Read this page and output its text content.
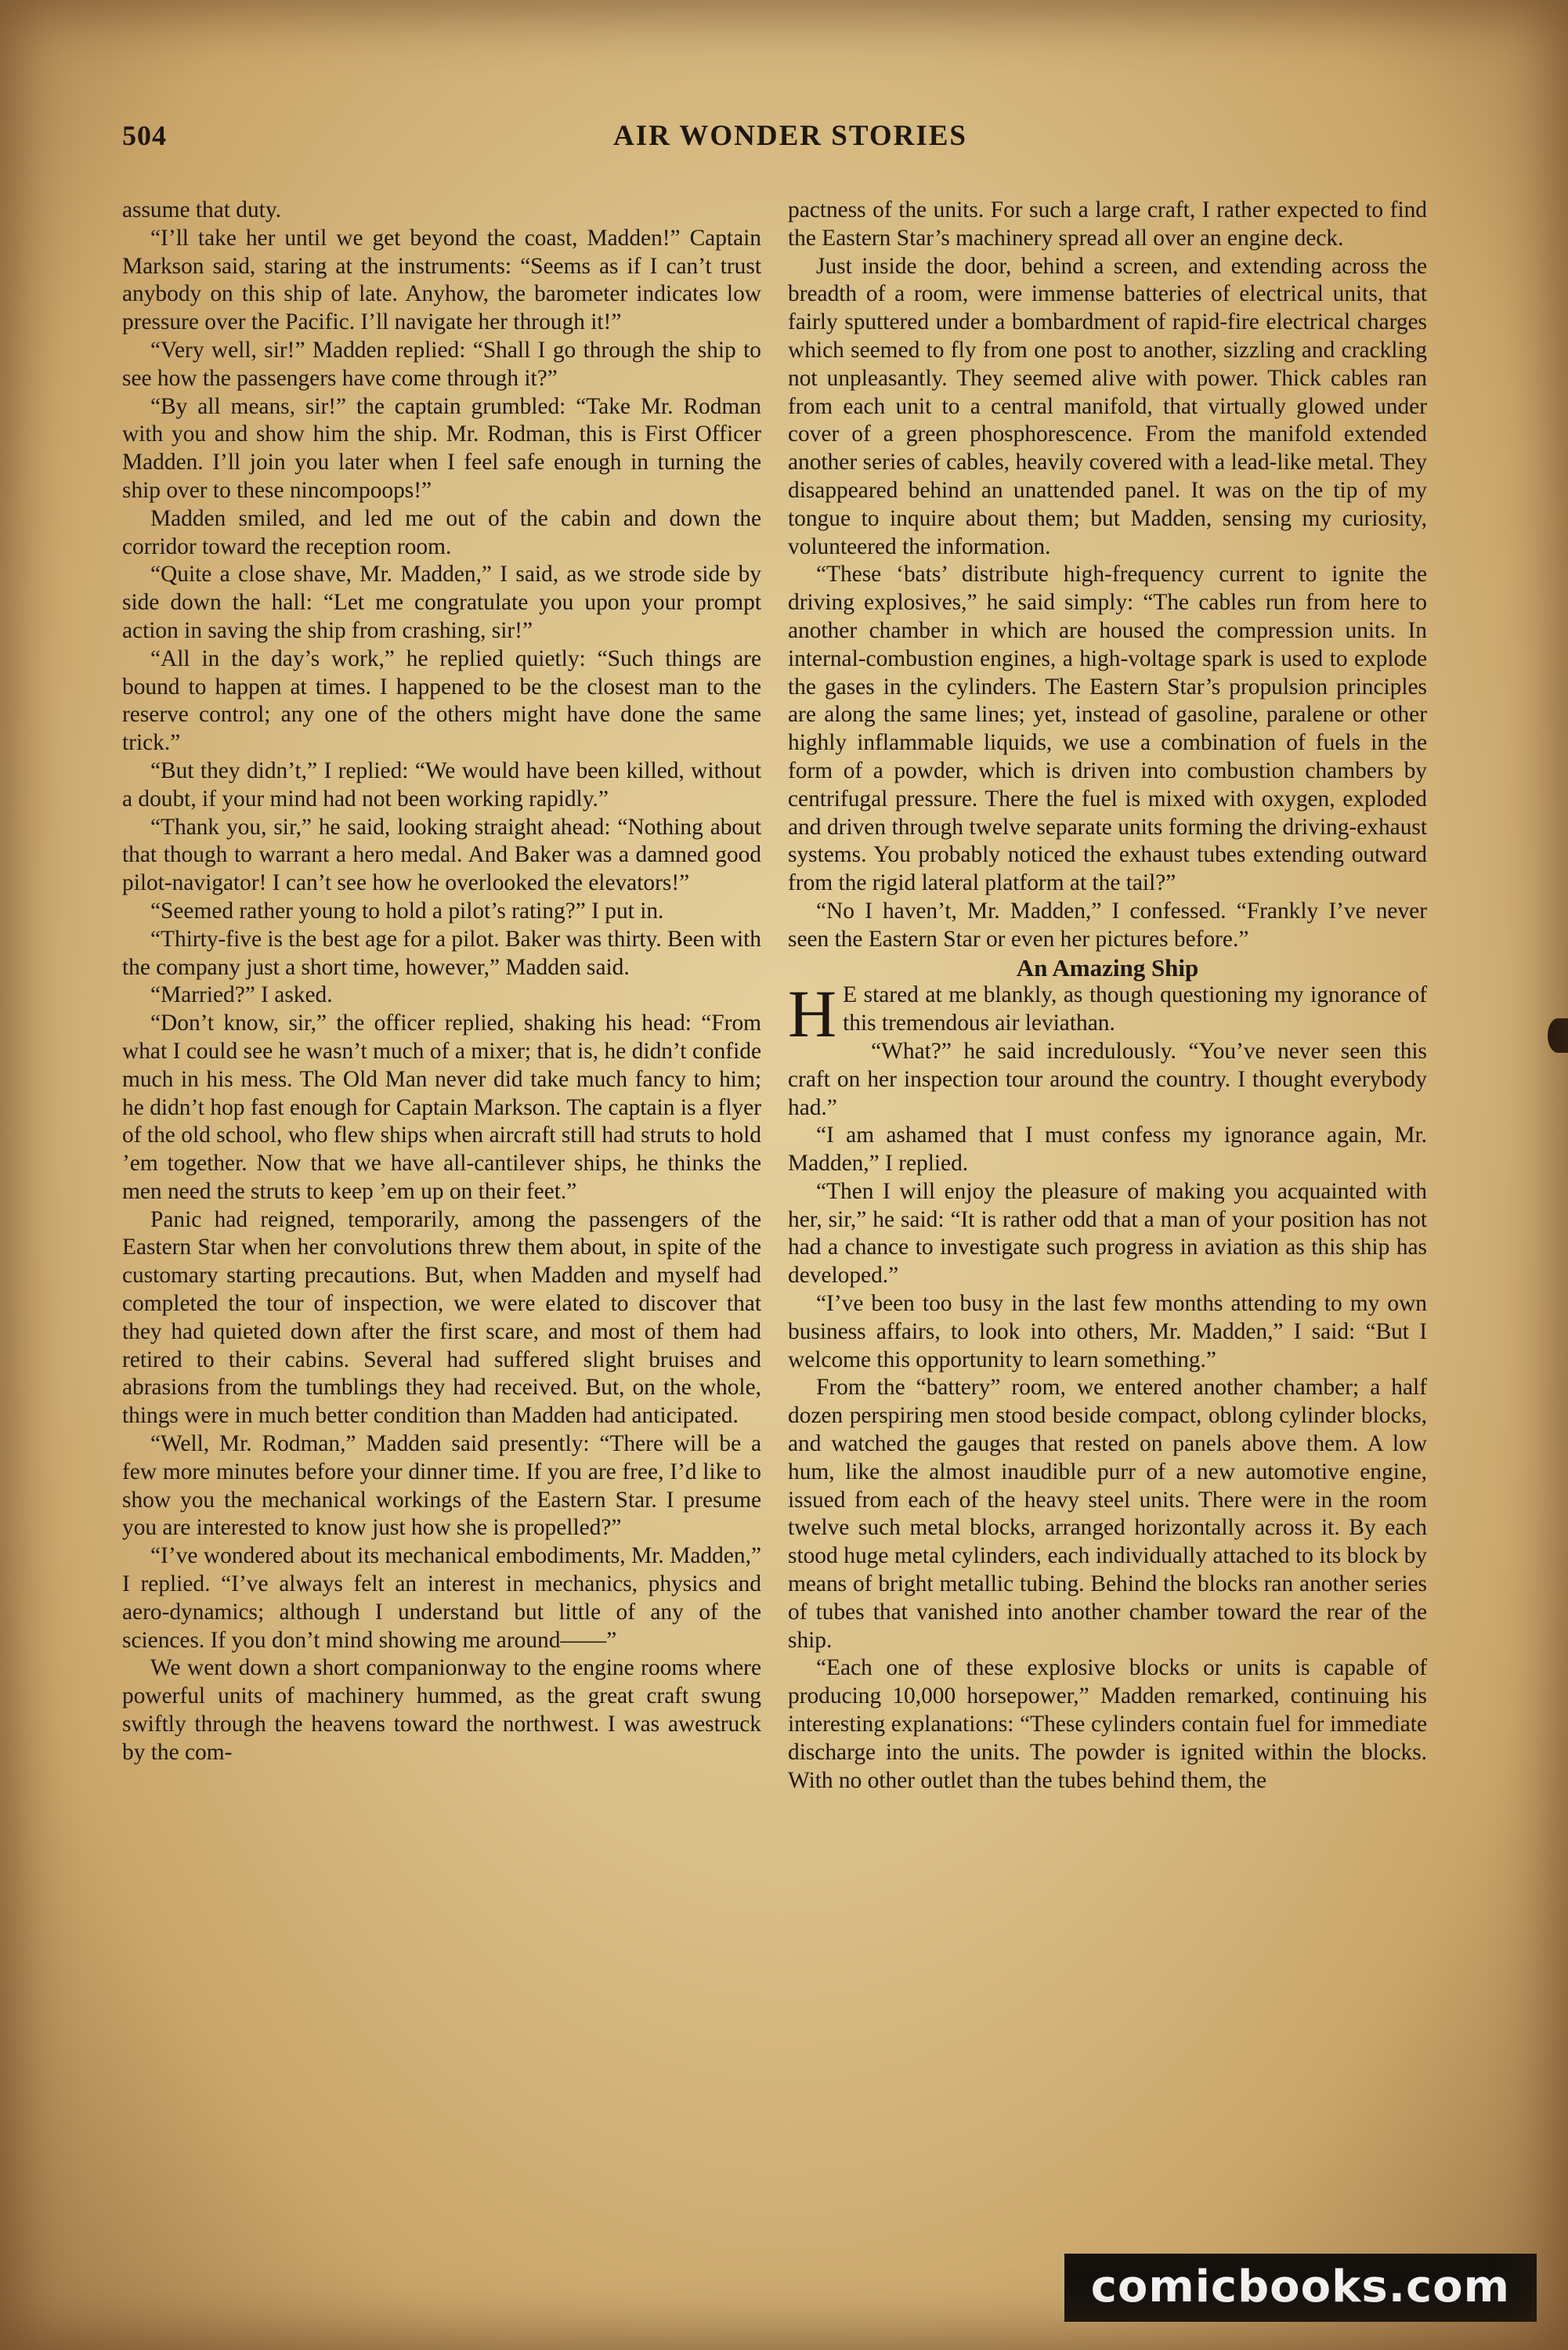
504	AIR WONDER STORIES

assume that duty.

“I’ll take her until we get beyond the coast, Madden!” Captain Markson said, staring at the instruments: “Seems as if I can’t trust anybody on this ship of late. Anyhow, the barometer indicates low pressure over the Pacific. I’ll navigate her through it!”

“Very well, sir!” Madden replied: “Shall I go through the ship to see how the passengers have come through it?”

“By all means, sir!” the captain grumbled: “Take Mr. Rodman with you and show him the ship. Mr. Rodman, this is First Officer Madden. I’ll join you later when I feel safe enough in turning the ship over to these nincompoops!”

Madden smiled, and led me out of the cabin and down the corridor toward the reception room.

“Quite a close shave, Mr. Madden,” I said, as we strode side by side down the hall: “Let me congratulate you upon your prompt action in saving the ship from crashing, sir!”

“All in the day’s work,” he replied quietly: “Such things are bound to happen at times. I happened to be the closest man to the reserve control; any one of the others might have done the same trick.”

“But they didn’t,” I replied: “We would have been killed, without a doubt, if your mind had not been working rapidly.”

“Thank you, sir,” he said, looking straight ahead: “Nothing about that though to warrant a hero medal. And Baker was a damned good pilot-navigator! I can’t see how he overlooked the elevators!”

“Seemed rather young to hold a pilot’s rating?” I put in.

“Thirty-five is the best age for a pilot. Baker was thirty. Been with the company just a short time, however,” Madden said.

“Married?” I asked.

“Don’t know, sir,” the officer replied, shaking his head: “From what I could see he wasn’t much of a mixer; that is, he didn’t confide much in his mess. The Old Man never did take much fancy to him; he didn’t hop fast enough for Captain Markson. The captain is a flyer of the old school, who flew ships when aircraft still had struts to hold ’em together. Now that we have all-cantilever ships, he thinks the men need the struts to keep ’em up on their feet.”

Panic had reigned, temporarily, among the passengers of the Eastern Star when her convolutions threw them about, in spite of the customary starting precautions. But, when Madden and myself had completed the tour of inspection, we were elated to discover that they had quieted down after the first scare, and most of them had retired to their cabins. Several had suffered slight bruises and abrasions from the tumblings they had received. But, on the whole, things were in much better condition than Madden had anticipated.

“Well, Mr. Rodman,” Madden said presently: “There will be a few more minutes before your dinner time. If you are free, I’d like to show you the mechanical workings of the Eastern Star. I presume you are interested to know just how she is propelled?”

“I’ve wondered about its mechanical embodiments, Mr. Madden,” I replied. “I’ve always felt an interest in mechanics, physics and aero-dynamics; although I understand but little of any of the sciences. If you don’t mind showing me around——”

We went down a short companionway to the engine rooms where powerful units of machinery hummed, as the great craft swung swiftly through the heavens toward the northwest. I was awestruck by the com-

pactness of the units. For such a large craft, I rather expected to find the Eastern Star’s machinery spread all over an engine deck.

Just inside the door, behind a screen, and extending across the breadth of a room, were immense batteries of electrical units, that fairly sputtered under a bombardment of rapid-fire electrical charges which seemed to fly from one post to another, sizzling and crackling not unpleasantly. They seemed alive with power. Thick cables ran from each unit to a central manifold, that virtually glowed under cover of a green phosphorescence. From the manifold extended another series of cables, heavily covered with a lead-like metal. They disappeared behind an unattended panel. It was on the tip of my tongue to inquire about them; but Madden, sensing my curiosity, volunteered the information.

“These ‘bats’ distribute high-frequency current to ignite the driving explosives,” he said simply: “The cables run from here to another chamber in which are housed the compression units. In internal-combustion engines, a high-voltage spark is used to explode the gases in the cylinders. The Eastern Star’s propulsion principles are along the same lines; yet, instead of gasoline, paralene or other highly inflammable liquids, we use a combination of fuels in the form of a powder, which is driven into combustion chambers by centrifugal pressure. There the fuel is mixed with oxygen, exploded and driven through twelve separate units forming the driving-exhaust systems. You probably noticed the exhaust tubes extending outward from the rigid lateral platform at the tail?”

“No I haven’t, Mr. Madden,” I confessed. “Frankly I’ve never seen the Eastern Star or even her pictures before.”

An Amazing Ship

H E stared at me blankly, as though questioning my ignorance of this tremendous air leviathan.

“What?” he said incredulously. “You’ve never seen this craft on her inspection tour around the country. I thought everybody had.”

“I am ashamed that I must confess my ignorance again, Mr. Madden,” I replied.

“Then I will enjoy the pleasure of making you acquainted with her, sir,” he said: “It is rather odd that a man of your position has not had a chance to investigate such progress in aviation as this ship has developed.”

“I’ve been too busy in the last few months attending to my own business affairs, to look into others, Mr. Madden,” I said: “But I welcome this opportunity to learn something.”

From the “battery” room, we entered another chamber; a half dozen perspiring men stood beside compact, oblong cylinder blocks, and watched the gauges that rested on panels above them. A low hum, like the almost inaudible purr of a new automotive engine, issued from each of the heavy steel units. There were in the room twelve such metal blocks, arranged horizontally across it. By each stood huge metal cylinders, each individually attached to its block by means of bright metallic tubing. Behind the blocks ran another series of tubes that vanished into another chamber toward the rear of the ship.

“Each one of these explosive blocks or units is capable of producing 10,000 horsepower,” Madden remarked, continuing his interesting explanations: “These cylinders contain fuel for immediate discharge into the units. The powder is ignited within the blocks. With no other outlet than the tubes behind them, the

comicbooks.com
